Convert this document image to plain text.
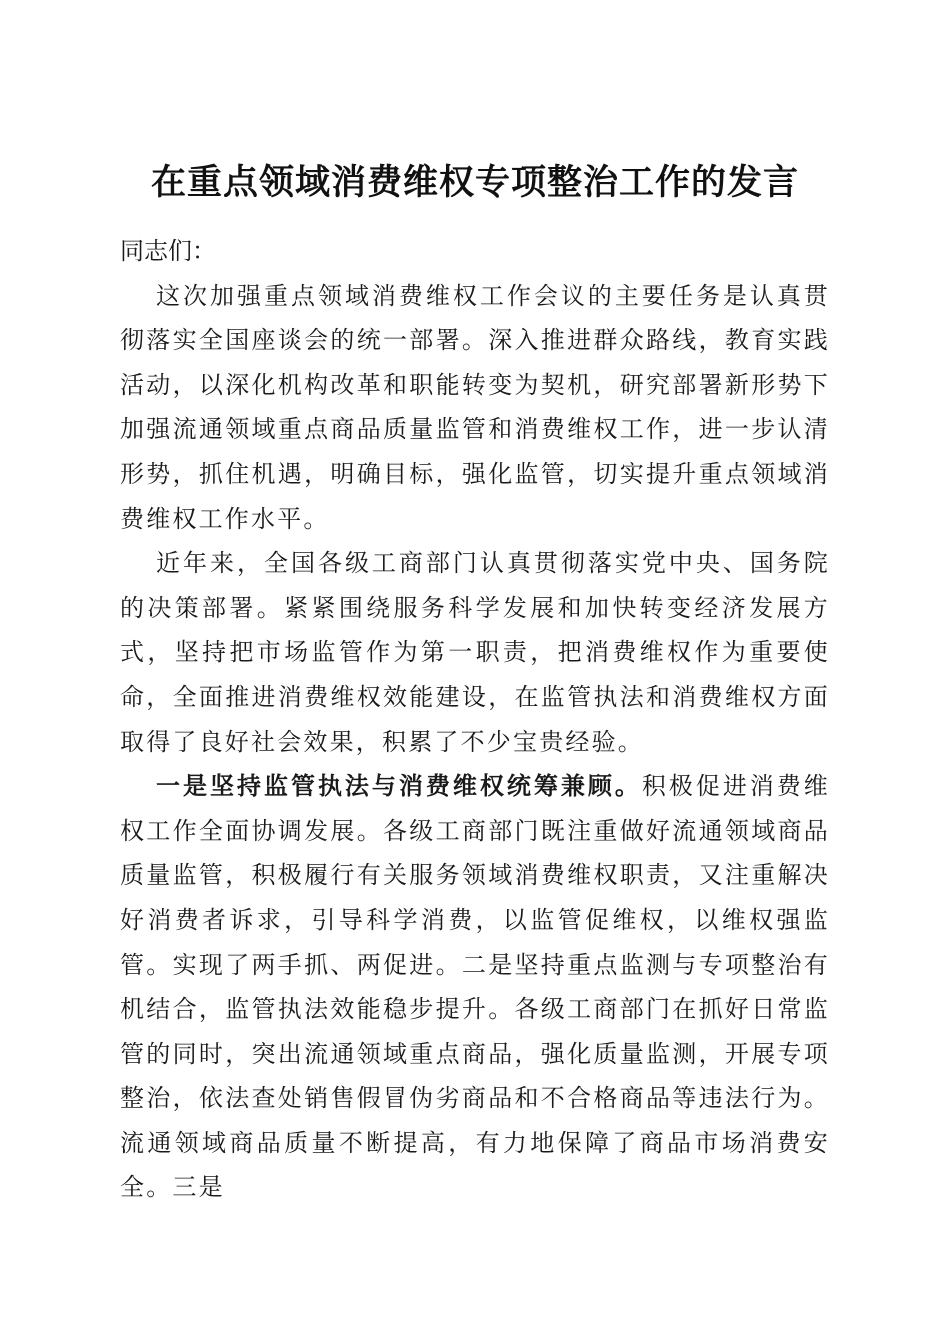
在重点领域消费维权专项整治工作的发言

同志们：

这次加强重点领域消费维权工作会议的主要任务是认真贯彻落实全国座谈会的统一部署。深入推进群众路线，教育实践活动，以深化机构改革和职能转变为契机，研究部署新形势下加强流通领域重点商品质量监管和消费维权工作，进一步认清形势，抓住机遇，明确目标，强化监管，切实提升重点领域消费维权工作水平。

近年来，全国各级工商部门认真贯彻落实党中央、国务院的决策部署。紧紧围绕服务科学发展和加快转变经济发展方式，坚持把市场监管作为第一职责，把消费维权作为重要使命，全面推进消费维权效能建设，在监管执法和消费维权方面取得了良好社会效果，积累了不少宝贵经验。

一是坚持监管执法与消费维权统筹兼顾。积极促进消费维权工作全面协调发展。各级工商部门既注重做好流通领域商品质量监管，积极履行有关服务领域消费维权职责，又注重解决好消费者诉求，引导科学消费，以监管促维权，以维权强监管。实现了两手抓、两促进。二是坚持重点监测与专项整治有机结合，监管执法效能稳步提升。各级工商部门在抓好日常监管的同时，突出流通领域重点商品，强化质量监测，开展专项整治，依法查处销售假冒伪劣商品和不合格商品等违法行为。流通领域商品质量不断提高，有力地保障了商品市场消费安全。三是
